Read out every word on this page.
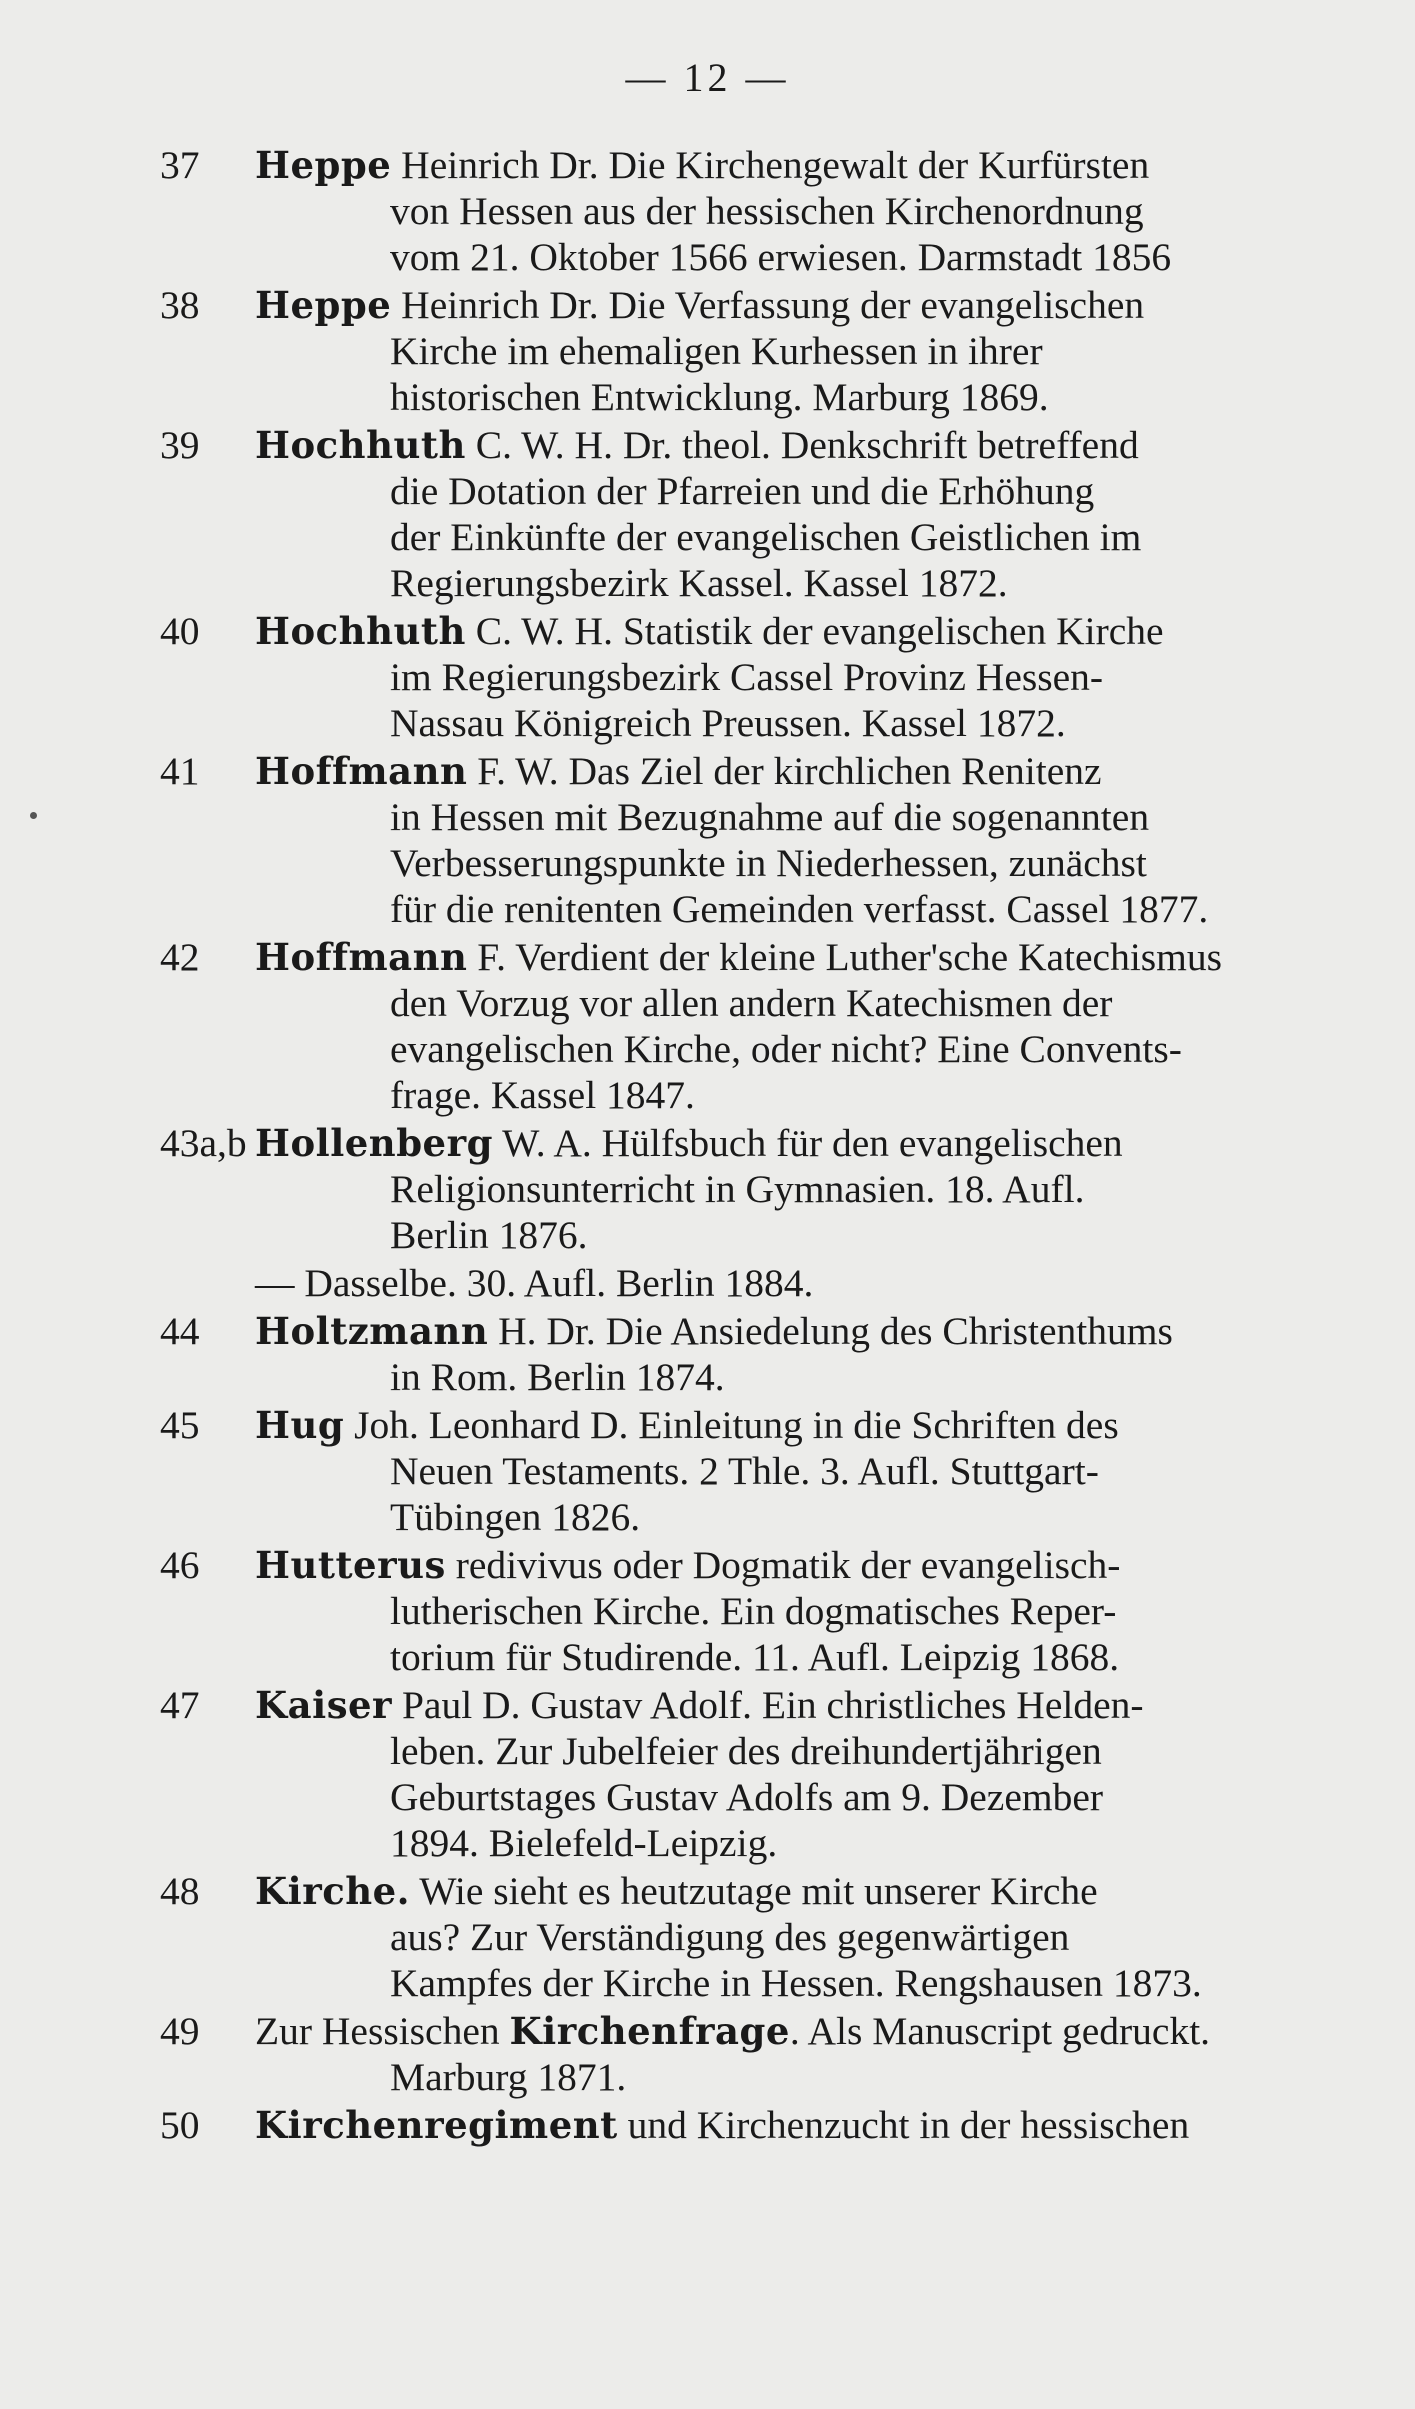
— 12 —
37	Heppe Heinrich Dr. Die Kirchengewalt der Kurfürsten
von Hessen aus der hessischen Kirchenordnung
vom 21. Oktober 1566 erwiesen. Darmstadt 1856
38	Heppe Heinrich Dr. Die Verfassung der evangelischen
Kirche im ehemaligen Kurhessen in ihrer
historischen Entwicklung. Marburg 1869.
39	Hochhuth C. W. H. Dr. theol. Denkschrift betreffend
die Dotation der Pfarreien und die Erhöhung
der Einkünfte der evangelischen Geistlichen im
Regierungsbezirk Kassel. Kassel 1872.
40	Hochhuth C. W. H. Statistik der evangelischen Kirche
im Regierungsbezirk Cassel Provinz Hessen-
Nassau Königreich Preussen. Kassel 1872.
41	Hoffmann F. W. Das Ziel der kirchlichen Renitenz
in Hessen mit Bezugnahme auf die sogenannten
Verbesserungspunkte in Niederhessen, zunächst
für die renitenten Gemeinden verfasst. Cassel 1877.
42	Hoffmann F. Verdient der kleine Luther'sche Katechismus
den Vorzug vor allen andern Katechismen der
evangelischen Kirche, oder nicht? Eine Convents-
frage. Kassel 1847.
43a,b Hollenberg W. A. Hülfsbuch für den evangelischen
Religionsunterricht in Gymnasien. 18. Aufl.
Berlin 1876.
— Dasselbe. 30. Aufl. Berlin 1884.
44	Holtzmann H. Dr. Die Ansiedelung des Christenthums
in Rom. Berlin 1874.
45	Hug Joh. Leonhard D. Einleitung in die Schriften des
Neuen Testaments. 2 Thle. 3. Aufl. Stuttgart-
Tübingen 1826.
46	Hutterus redivivus oder Dogmatik der evangelisch-
lutherischen Kirche. Ein dogmatisches Reper-
torium für Studirende. 11. Aufl. Leipzig 1868.
47	Kaiser Paul D. Gustav Adolf. Ein christliches Helden-
leben. Zur Jubelfeier des dreihundertjährigen
Geburtstages Gustav Adolfs am 9. Dezember
1894. Bielefeld-Leipzig.
48	Kirche. Wie sieht es heutzutage mit unserer Kirche
aus? Zur Verständigung des gegenwärtigen
Kampfes der Kirche in Hessen. Rengshausen 1873.
49	Zur Hessischen Kirchenfrage. Als Manuscript gedruckt.
Marburg 1871.
50	Kirchenregiment und Kirchenzucht in der hessischen
